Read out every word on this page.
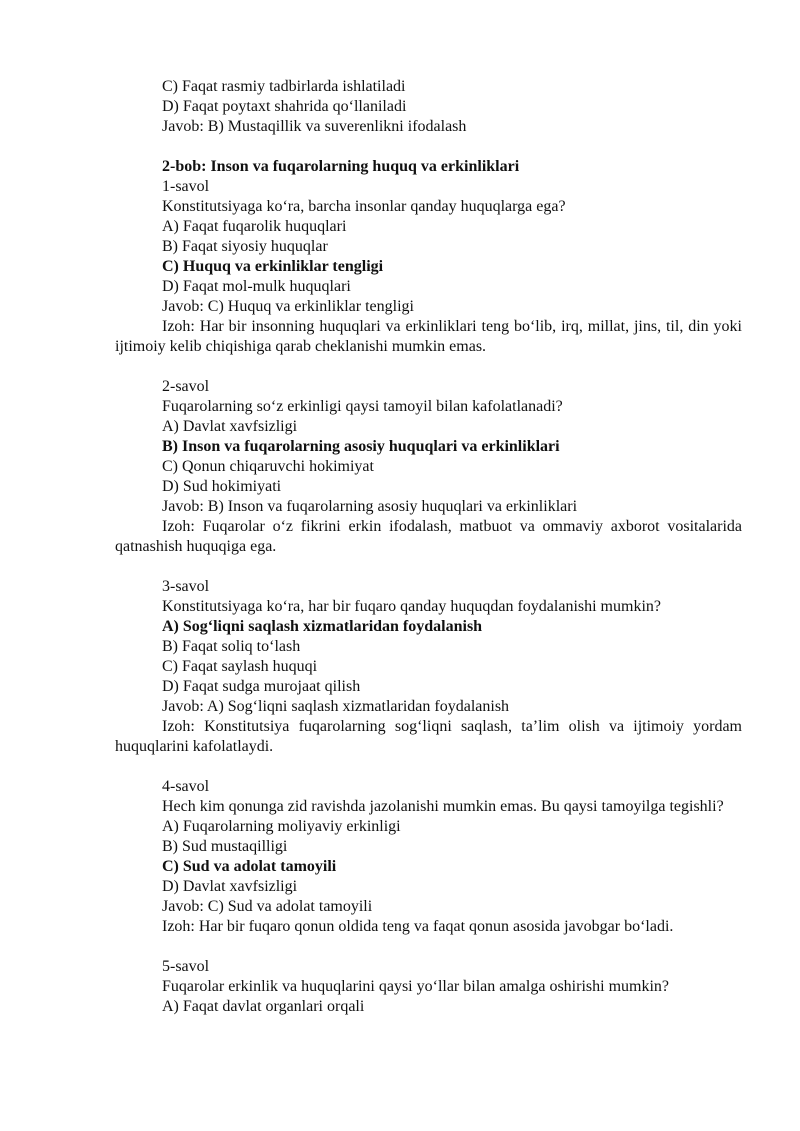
C) Faqat rasmiy tadbirlarda ishlatiladi
D) Faqat poytaxt shahrida qo‘llaniladi
Javob: B) Mustaqillik va suverenlikni ifodalash
2-bob: Inson va fuqarolarning huquq va erkinliklari
1-savol
Konstitutsiyaga ko‘ra, barcha insonlar qanday huquqlarga ega?
A) Faqat fuqarolik huquqlari
B) Faqat siyosiy huquqlar
C) Huquq va erkinliklar tengligi
D) Faqat mol-mulk huquqlari
Javob: C) Huquq va erkinliklar tengligi
Izoh: Har bir insonning huquqlari va erkinliklari teng bo‘lib, irq, millat, jins, til, din yoki ijtimoiy kelib chiqishiga qarab cheklanishi mumkin emas.
2-savol
Fuqarolarning so‘z erkinligi qaysi tamoyil bilan kafolatlanadi?
A) Davlat xavfsizligi
B) Inson va fuqarolarning asosiy huquqlari va erkinliklari
C) Qonun chiqaruvchi hokimiyat
D) Sud hokimiyati
Javob: B) Inson va fuqarolarning asosiy huquqlari va erkinliklari
Izoh: Fuqarolar o‘z fikrini erkin ifodalash, matbuot va ommaviy axborot vositalarida qatnashish huquqiga ega.
3-savol
Konstitutsiyaga ko‘ra, har bir fuqaro qanday huquqdan foydalanishi mumkin?
A) Sog‘liqni saqlash xizmatlaridan foydalanish
B) Faqat soliq to‘lash
C) Faqat saylash huquqi
D) Faqat sudga murojaat qilish
Javob: A) Sog‘liqni saqlash xizmatlaridan foydalanish
Izoh: Konstitutsiya fuqarolarning sog‘liqni saqlash, ta’lim olish va ijtimoiy yordam huquqlarini kafolatlaydi.
4-savol
Hech kim qonunga zid ravishda jazolanishi mumkin emas. Bu qaysi tamoyilga tegishli?
A) Fuqarolarning moliyaviy erkinligi
B) Sud mustaqilligi
C) Sud va adolat tamoyili
D) Davlat xavfsizligi
Javob: C) Sud va adolat tamoyili
Izoh: Har bir fuqaro qonun oldida teng va faqat qonun asosida javobgar bo‘ladi.
5-savol
Fuqarolar erkinlik va huquqlarini qaysi yo‘llar bilan amalga oshirishi mumkin?
A) Faqat davlat organlari orqali
